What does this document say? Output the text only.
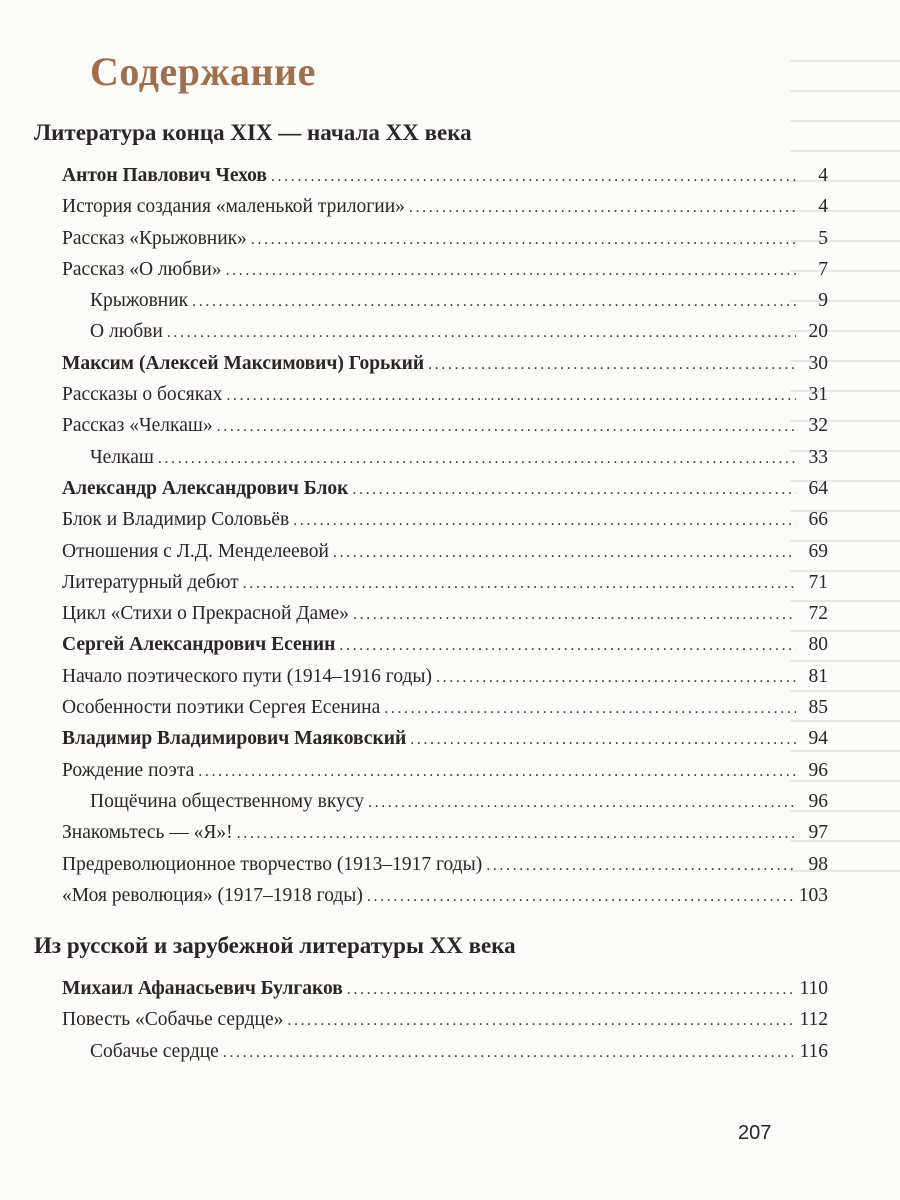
Содержание
Литература конца XIX — начала XX века
Антон Павлович Чехов .....	4
История создания «маленькой трилогии» .....	4
Рассказ «Крыжовник» .....	5
Рассказ «О любви» .....	7
Крыжовник .....	9
О любви .....	20
Максим (Алексей Максимович) Горький .....	30
Рассказы о босяках .....	31
Рассказ «Челкаш» .....	32
Челкаш .....	33
Александр Александрович Блок .....	64
Блок и Владимир Соловьёв .....	66
Отношения с Л.Д. Менделеевой .....	69
Литературный дебют .....	71
Цикл «Стихи о Прекрасной Даме» .....	72
Сергей Александрович Есенин .....	80
Начало поэтического пути (1914–1916 годы) .....	81
Особенности поэтики Сергея Есенина .....	85
Владимир Владимирович Маяковский .....	94
Рождение поэта .....	96
Пощёчина общественному вкусу .....	96
Знакомьтесь — «Я»! .....	97
Предреволюционное творчество (1913–1917 годы) .....	98
«Моя революция» (1917–1918 годы) .....	103
Из русской и зарубежной литературы XX века
Михаил Афанасьевич Булгаков .....	110
Повесть «Собачье сердце» .....	112
Собачье сердце .....	116
207
